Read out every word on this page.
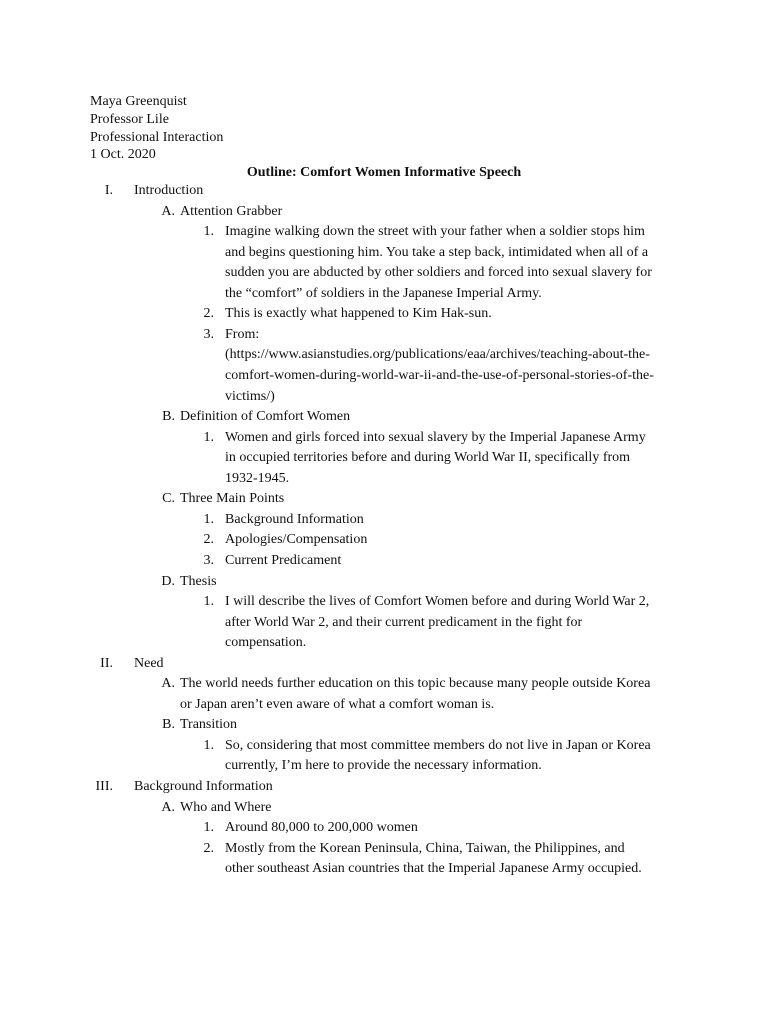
Maya Greenquist
Professor Lile
Professional Interaction
1 Oct. 2020
Outline: Comfort Women Informative Speech
I. Introduction
A. Attention Grabber
1. Imagine walking down the street with your father when a soldier stops him
and begins questioning him. You take a step back, intimidated when all of a
sudden you are abducted by other soldiers and forced into sexual slavery for
the “comfort” of soldiers in the Japanese Imperial Army.
2. This is exactly what happened to Kim Hak-sun.
3. From:
(https://www.asianstudies.org/publications/eaa/archives/teaching-about-the-
comfort-women-during-world-war-ii-and-the-use-of-personal-stories-of-the-
victims/)
B. Definition of Comfort Women
1. Women and girls forced into sexual slavery by the Imperial Japanese Army
in occupied territories before and during World War II, specifically from
1932-1945.
C. Three Main Points
1. Background Information
2. Apologies/Compensation
3. Current Predicament
D. Thesis
1. I will describe the lives of Comfort Women before and during World War 2,
after World War 2, and their current predicament in the fight for
compensation.
II. Need
A. The world needs further education on this topic because many people outside Korea
or Japan aren’t even aware of what a comfort woman is.
B. Transition
1. So, considering that most committee members do not live in Japan or Korea
currently, I’m here to provide the necessary information.
III. Background Information
A. Who and Where
1. Around 80,000 to 200,000 women
2. Mostly from the Korean Peninsula, China, Taiwan, the Philippines, and
other southeast Asian countries that the Imperial Japanese Army occupied.
